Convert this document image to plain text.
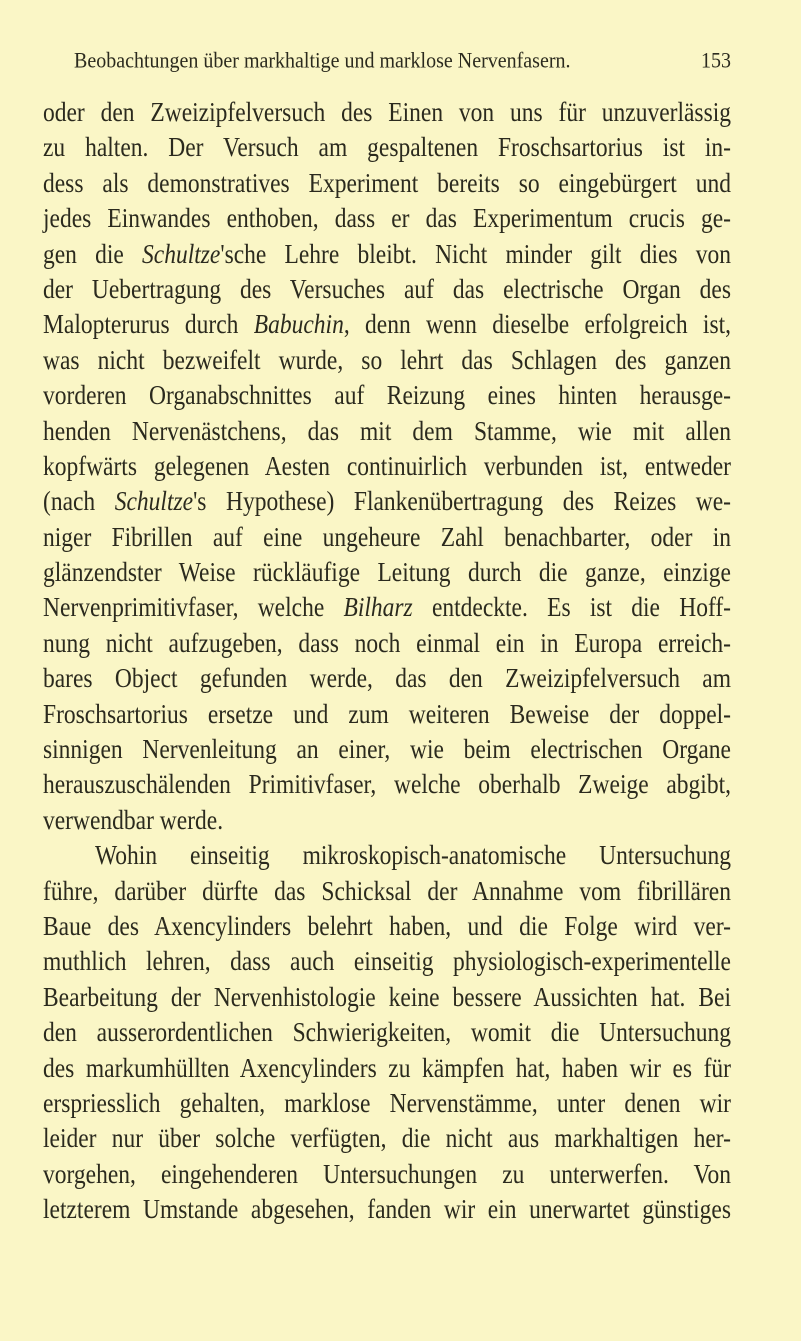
Beobachtungen über markhaltige und marklose Nervenfasern.	153
oder den Zweizipfelversuch des Einen von uns für unzuverlässig
zu halten. Der Versuch am gespaltenen Froschsartorius ist in-
dess als demonstratives Experiment bereits so eingebürgert und
jedes Einwandes enthoben, dass er das Experimentum crucis ge-
gen die Schultze'sche Lehre bleibt. Nicht minder gilt dies von
der Uebertragung des Versuches auf das electrische Organ des
Malopterurus durch Babuchin, denn wenn dieselbe erfolgreich ist,
was nicht bezweifelt wurde, so lehrt das Schlagen des ganzen
vorderen Organabschnittes auf Reizung eines hinten herausge-
henden Nervenästchens, das mit dem Stamme, wie mit allen
kopfwärts gelegenen Aesten continuirlich verbunden ist, entweder
(nach Schultze's Hypothese) Flankenübertragung des Reizes we-
niger Fibrillen auf eine ungeheure Zahl benachbarter, oder in
glänzendster Weise rückläufige Leitung durch die ganze, einzige
Nervenprimitivfaser, welche Bilharz entdeckte. Es ist die Hoff-
nung nicht aufzugeben, dass noch einmal ein in Europa erreich-
bares Object gefunden werde, das den Zweizipfelversuch am
Froschsartorius ersetze und zum weiteren Beweise der doppel-
sinnigen Nervenleitung an einer, wie beim electrischen Organe
herauszuschälenden Primitivfaser, welche oberhalb Zweige abgibt,
verwendbar werde.
Wohin einseitig mikroskopisch-anatomische Untersuchung
führe, darüber dürfte das Schicksal der Annahme vom fibrillären
Baue des Axencylinders belehrt haben, und die Folge wird ver-
muthlich lehren, dass auch einseitig physiologisch-experimentelle
Bearbeitung der Nervenhistologie keine bessere Aussichten hat. Bei
den ausserordentlichen Schwierigkeiten, womit die Untersuchung
des markumhüllten Axencylinders zu kämpfen hat, haben wir es für
erspriesslich gehalten, marklose Nervenstämme, unter denen wir
leider nur über solche verfügten, die nicht aus markhaltigen her-
vorgehen, eingehenderen Untersuchungen zu unterwerfen. Von
letzterem Umstande abgesehen, fanden wir ein unerwartet günstiges
